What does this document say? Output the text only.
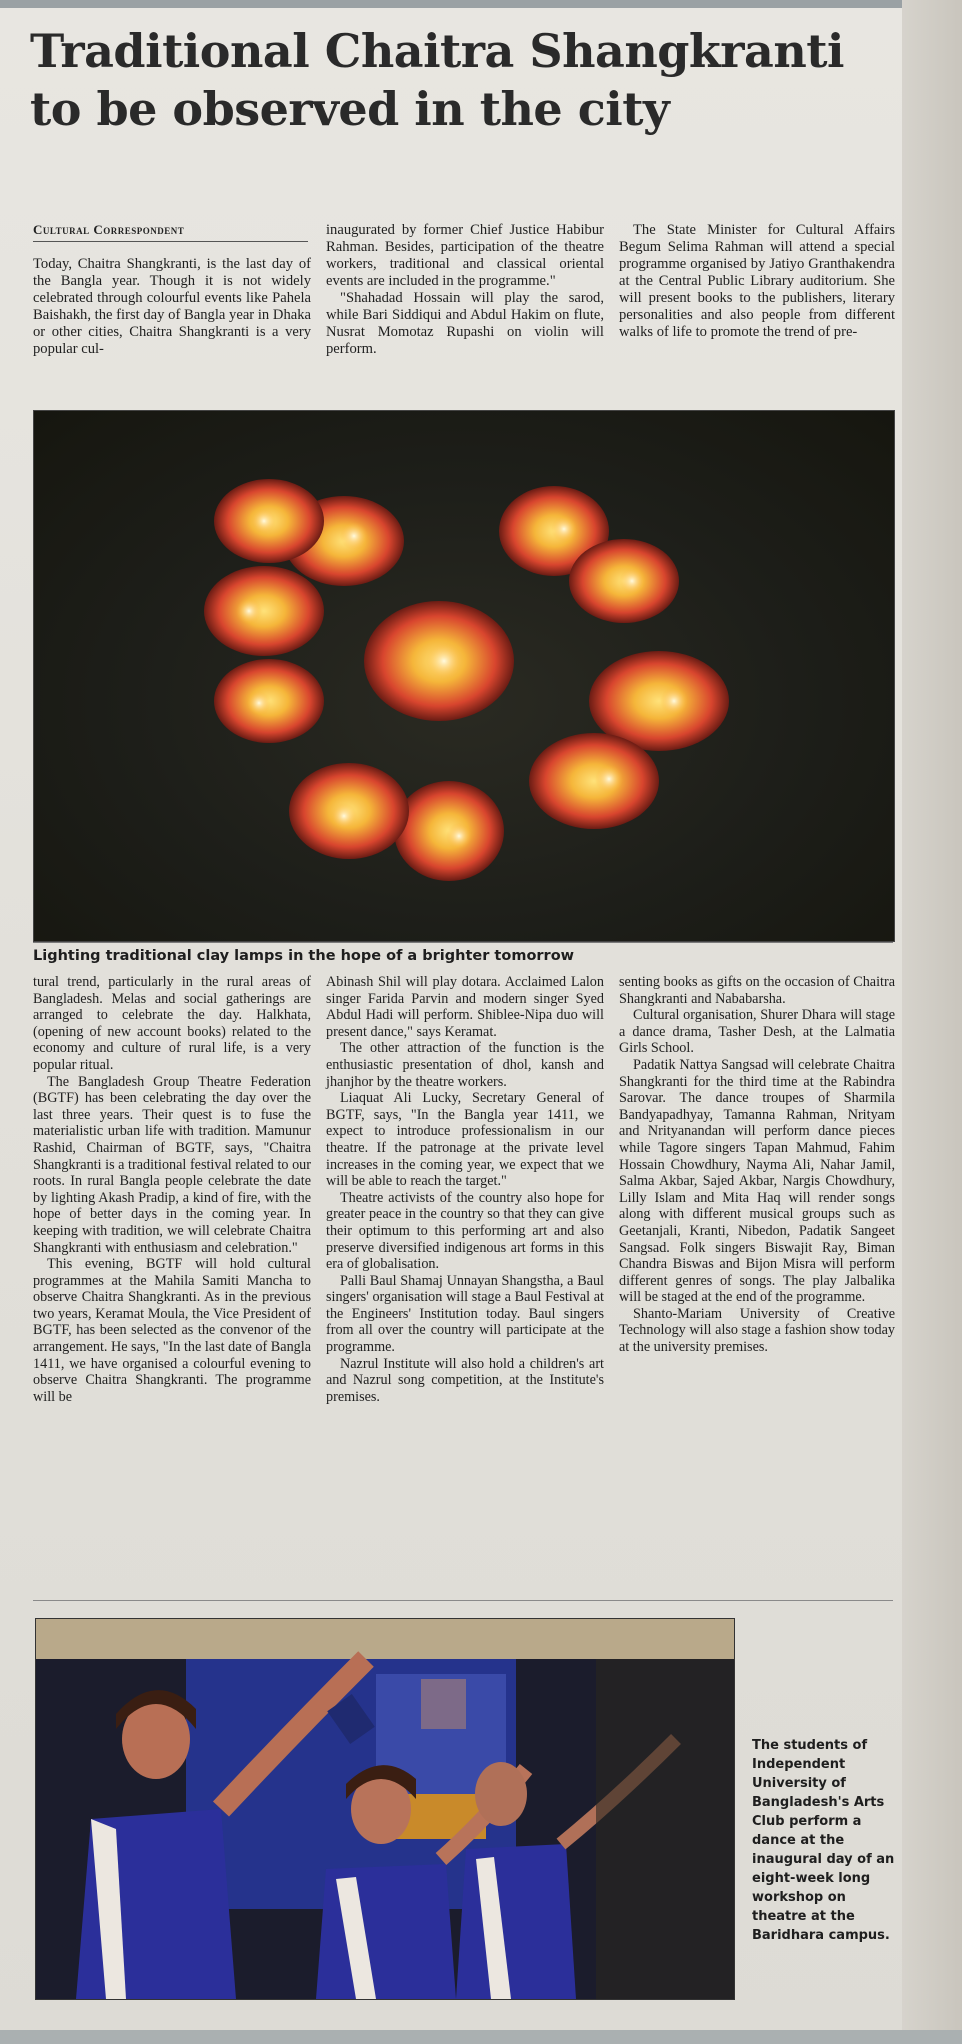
Traditional Chaitra Shangkranti
to be observed in the city
Cultural Correspondent

Today, Chaitra Shangkranti, is the last day of the Bangla year. Though it is not widely celebrated through colourful events like Pahela Baishakh, the first day of Bangla year in Dhaka or other cities, Chaitra Shangkranti is a very popular cul-

inaugurated by former Chief Justice Habibur Rahman. Besides, participation of the theatre workers, traditional and classical oriental events are included in the programme."

"Shahadad Hossain will play the sarod, while Bari Siddiqui and Abdul Hakim on flute, Nusrat Momotaz Rupashi on violin will perform.

The State Minister for Cultural Affairs Begum Selima Rahman will attend a special programme organised by Jatiyo Granthakendra at the Central Public Library auditorium. She will present books to the publishers, literary personalities and also people from different walks of life to promote the trend of pre-

Lighting traditional clay lamps in the hope of a brighter tomorrow

tural trend, particularly in the rural areas of Bangladesh. Melas and social gatherings are arranged to celebrate the day. Halkhata, (opening of new account books) related to the economy and culture of rural life, is a very popular ritual.

The Bangladesh Group Theatre Federation (BGTF) has been celebrating the day over the last three years. Their quest is to fuse the materialistic urban life with tradition. Mamunur Rashid, Chairman of BGTF, says, "Chaitra Shangkranti is a traditional festival related to our roots. In rural Bangla people celebrate the date by lighting Akash Pradip, a kind of fire, with the hope of better days in the coming year. In keeping with tradition, we will celebrate Chaitra Shangkranti with enthusiasm and celebration."

This evening, BGTF will hold cultural programmes at the Mahila Samiti Mancha to observe Chaitra Shangkranti. As in the previous two years, Keramat Moula, the Vice President of BGTF, has been selected as the convenor of the arrangement. He says, "In the last date of Bangla 1411, we have organised a colourful evening to observe Chaitra Shangkranti. The programme will be

Abinash Shil will play dotara. Acclaimed Lalon singer Farida Parvin and modern singer Syed Abdul Hadi will perform. Shiblee-Nipa duo will present dance," says Keramat.

The other attraction of the function is the enthusiastic presentation of dhol, kansh and jhanjhor by the theatre workers.

Liaquat Ali Lucky, Secretary General of BGTF, says, "In the Bangla year 1411, we expect to introduce professionalism in our theatre. If the patronage at the private level increases in the coming year, we expect that we will be able to reach the target."

Theatre activists of the country also hope for greater peace in the country so that they can give their optimum to this performing art and also preserve diversified indigenous art forms in this era of globalisation.

Palli Baul Shamaj Unnayan Shangstha, a Baul singers' organisation will stage a Baul Festival at the Engineers' Institution today. Baul singers from all over the country will participate at the programme.

Nazrul Institute will also hold a children's art and Nazrul song competition, at the Institute's premises.

senting books as gifts on the occasion of Chaitra Shangkranti and Nababarsha.

Cultural organisation, Shurer Dhara will stage a dance drama, Tasher Desh, at the Lalmatia Girls School.

Padatik Nattya Sangsad will celebrate Chaitra Shangkranti for the third time at the Rabindra Sarovar. The dance troupes of Sharmila Bandyapadhyay, Tamanna Rahman, Nrityam and Nrityanandan will perform dance pieces while Tagore singers Tapan Mahmud, Fahim Hossain Chowdhury, Nayma Ali, Nahar Jamil, Salma Akbar, Sajed Akbar, Nargis Chowdhury, Lilly Islam and Mita Haq will render songs along with different musical groups such as Geetanjali, Kranti, Nibedon, Padatik Sangeet Sangsad. Folk singers Biswajit Ray, Biman Chandra Biswas and Bijon Misra will perform different genres of songs. The play Jalbalika will be staged at the end of the programme.

Shanto-Mariam University of Creative Technology will also stage a fashion show today at the university premises.

The students of Independent University of Bangladesh's Arts Club perform a dance at the inaugural day of an eight-week long workshop on theatre at the Baridhara campus.
